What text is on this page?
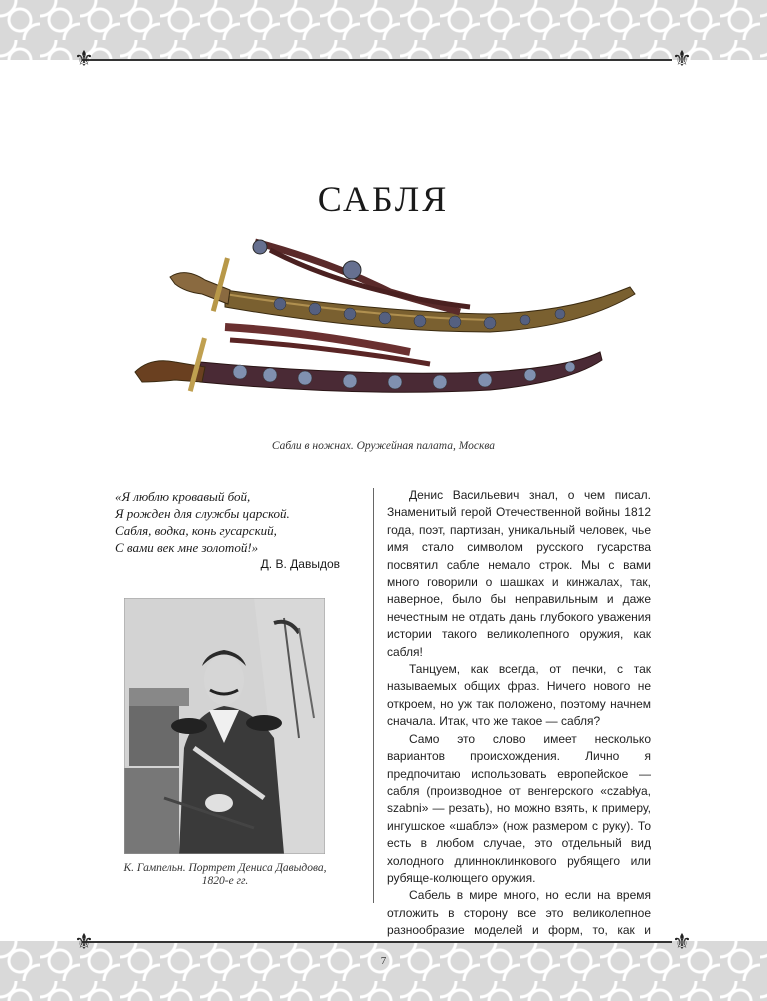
⚜	⚜
САБЛЯ
Сабли в ножнах. Оружейная палата, Москва
«Я люблю кровавый бой,
Я рожден для службы царской.
Сабля, водка, конь гусарский,
С вами век мне золотой!»
Д. В. Давыдов
К. Гампельн. Портрет Дениса Давыдова,
1820-е гг.

Денис Васильевич знал, о чем писал. Знаменитый герой Отечественной войны 1812 года, поэт, партизан, уникальный человек, чье имя стало символом русского гусарства посвятил сабле немало строк. Мы с вами много говорили о шашках и кинжалах, так, наверное, было бы неправильным и даже нечестным не отдать дань глубокого уважения истории такого великолепного оружия, как сабля!

Танцуем, как всегда, от печки, с так называемых общих фраз. Ничего нового не откроем, но уж так положено, поэтому начнем сначала. Итак, что же такое — сабля?

Само это слово имеет несколько вариантов происхождения. Лично я предпочитаю использовать европейское — сабля (производное от венгерского «czabłya, szabni» — резать), но можно взять, к примеру, ингушское «шаблэ» (нож размером с руку). То есть в любом случае, это отдельный вид холодного длинноклинкового рубящего или рубяще-колющего оружия.

Сабель в мире много, но если на время отложить в сторону все это великолепное разнообразие моделей и форм, то, как и

⚜	⚜
7
